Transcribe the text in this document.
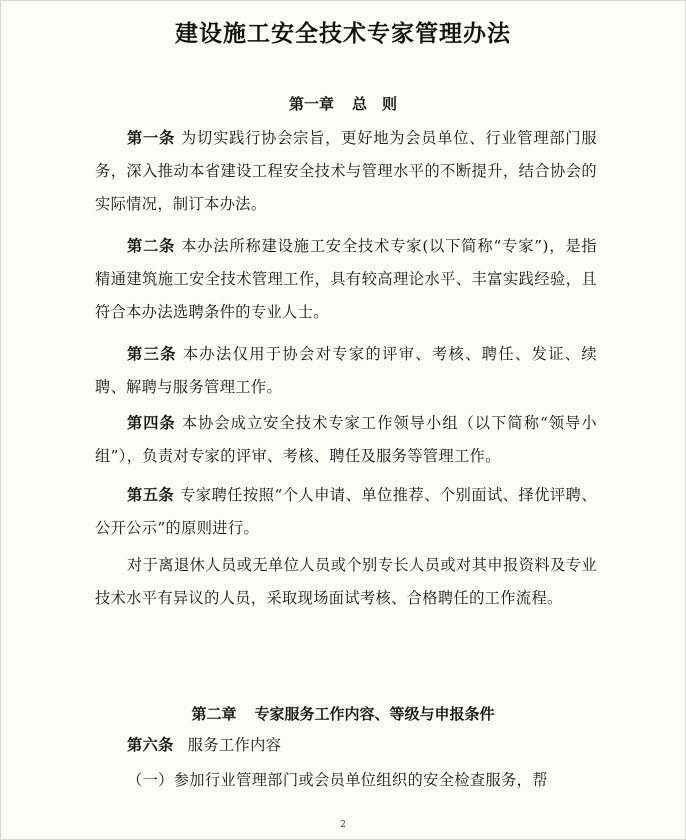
建设施工安全技术专家管理办法
第一章 总　则
第一条 为切实践行协会宗旨，更好地为会员单位、行业管理部门服务，深入推动本省建设工程安全技术与管理水平的不断提升，结合协会的实际情况，制订本办法。
第二条 本办法所称建设施工安全技术专家(以下简称“专家”)，是指精通建筑施工安全技术管理工作，具有较高理论水平、丰富实践经验，且符合本办法选聘条件的专业人士。
第三条 本办法仅用于协会对专家的评审、考核、聘任、发证、续聘、解聘与服务管理工作。
第四条 本协会成立安全技术专家工作领导小组（以下简称“领导小组”），负责对专家的评审、考核、聘任及服务等管理工作。
第五条 专家聘任按照“个人申请、单位推荐、个别面试、择优评聘、公开公示”的原则进行。
对于离退休人员或无单位人员或个别专长人员或对其申报资料及专业技术水平有异议的人员，采取现场面试考核、合格聘任的工作流程。
第二章 专家服务工作内容、等级与申报条件
第六条 服务工作内容
（一）参加行业管理部门或会员单位组织的安全检查服务，帮
2
